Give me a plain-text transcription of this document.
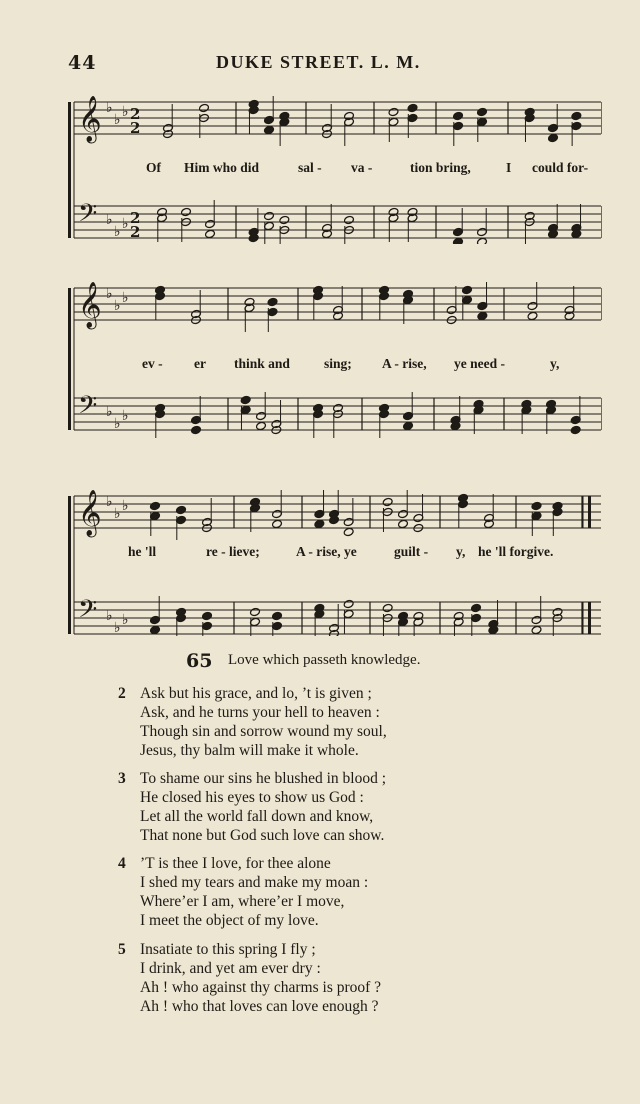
44	DUKE STREET. L. M.
𝄞 ♭
♭ ♭ 2
2
𝄢 ♭
♭ ♭ 2
2
Of Him who did	sal - va -	tion bring,	I could for-
𝄞 ♭
♭ ♭
𝄢 ♭
♭ ♭
ev - er think and	sing; A - rise, ye need -	y,
𝄞 ♭
♭ ♭
𝄢 ♭
♭ ♭
he 'll	re - lieve;	A - rise, ye	guilt - y, he 'll forgive.
65 Love which passeth knowledge.
2 Ask but his grace, and lo, ’t is given ;
Ask, and he turns your hell to heaven :
Though sin and sorrow wound my soul,
Jesus, thy balm will make it whole.
3 To shame our sins he blushed in blood ;
He closed his eyes to show us God :
Let all the world fall down and know,
That none but God such love can show.
4 ’T is thee I love, for thee alone
I shed my tears and make my moan :
Where’er I am, where’er I move,
I meet the object of my love.
5 Insatiate to this spring I fly ;
I drink, and yet am ever dry :
Ah ! who against thy charms is proof ?
Ah ! who that loves can love enough ?
